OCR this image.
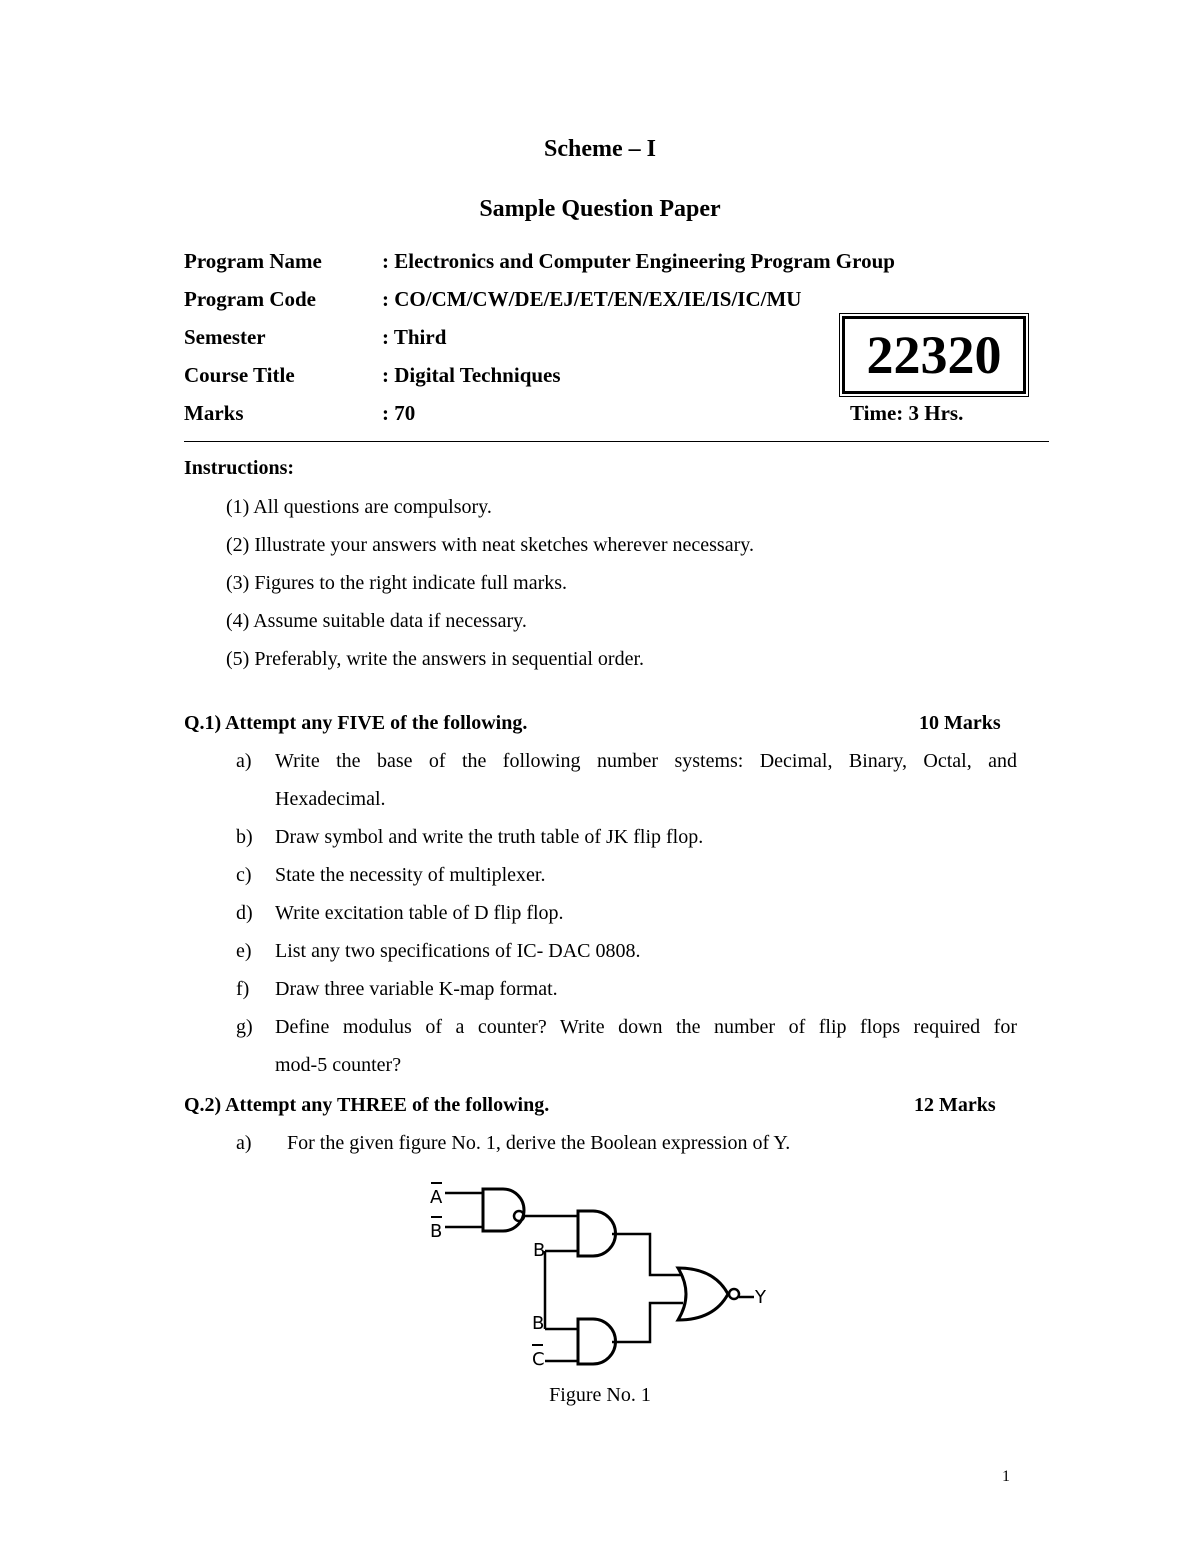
Scheme – I
Sample Question Paper
Program Name	: Electronics and Computer Engineering Program Group
Program Code	: CO/CM/CW/DE/EJ/ET/EN/EX/IE/IS/IC/MU
Semester	: Third
Course Title	: Digital Techniques
Marks	: 70
22320
Time: 3 Hrs.
Instructions:
(1) All questions are compulsory.
(2) Illustrate your answers with neat sketches wherever necessary.
(3) Figures to the right indicate full marks.
(4) Assume suitable data if necessary.
(5) Preferably, write the answers in sequential order.
Q.1) Attempt any FIVE of the following.	10 Marks
a) Write the base of the following number systems: Decimal, Binary, Octal, and
Hexadecimal.
b) Draw symbol and write the truth table of JK flip flop.
c) State the necessity of multiplexer.
d) Write excitation table of D flip flop.
e) List any two specifications of IC- DAC 0808.
f) Draw three variable K-map format.
g) Define modulus of a counter? Write down the number of flip flops required for
mod-5 counter?
Q.2) Attempt any THREE of the following.	12 Marks
a) For the given figure No. 1, derive the Boolean expression of Y.
A
B
B
B
C
Y
Figure No. 1
1
